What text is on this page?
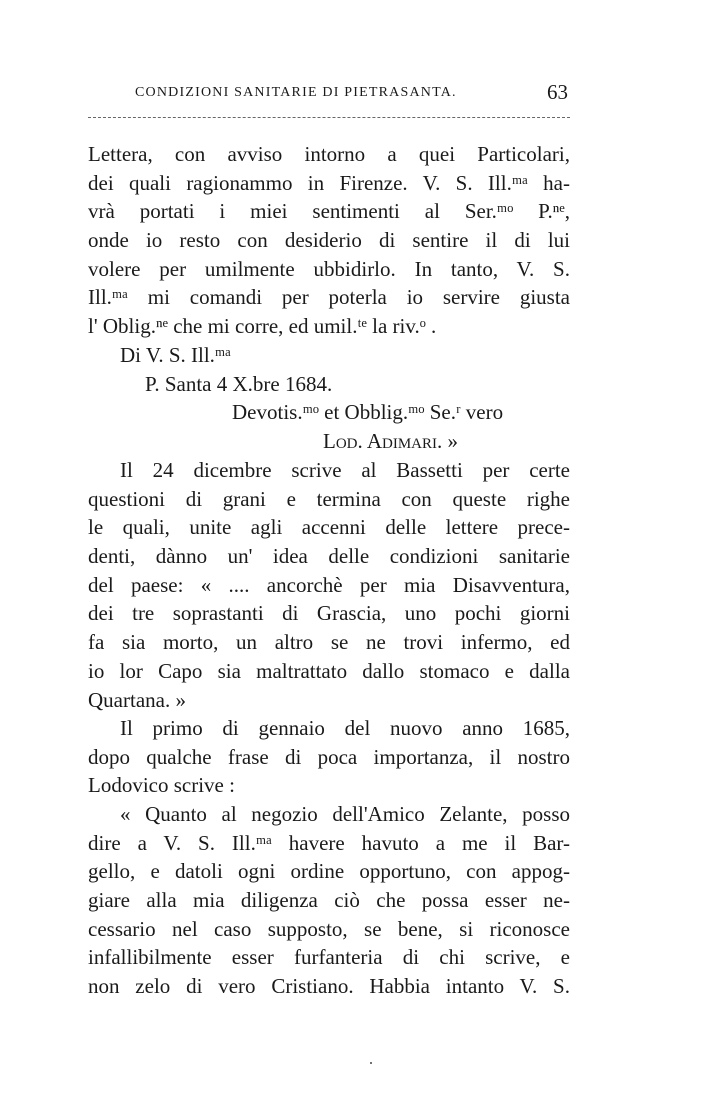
CONDIZIONI SANITARIE DI PIETRASANTA.	63
Lettera, con avviso intorno a quei Particolari,
dei quali ragionammo in Firenze. V. S. Ill.ᵐᵃ ha-
vrà portati i miei sentimenti al Ser.ᵐᵒ P.ⁿᵉ,
onde io resto con desiderio di sentire il di lui
volere per umilmente ubbidirlo. In tanto, V. S.
Ill.ᵐᵃ mi comandi per poterla io servire giusta
l' Oblig.ⁿᵉ che mi corre, ed umil.ᵗᵉ la riv.ᵒ .
Di V. S. Ill.ᵐᵃ
P. Santa 4 X.bre 1684.
Devotis.ᵐᵒ et Obblig.ᵐᵒ Se.ʳ vero
Lod. Adimari. »
Il 24 dicembre scrive al Bassetti per certe
questioni di grani e termina con queste righe
le quali, unite agli accenni delle lettere prece-
denti, dànno un' idea delle condizioni sanitarie
del paese: « .... ancorchè per mia Disavventura,
dei tre soprastanti di Grascia, uno pochi giorni
fa sia morto, un altro se ne trovi infermo, ed
io lor Capo sia maltrattato dallo stomaco e dalla
Quartana. »
Il primo di gennaio del nuovo anno 1685,
dopo qualche frase di poca importanza, il nostro
Lodovico scrive :
« Quanto al negozio dell'Amico Zelante, posso
dire a V. S. Ill.ᵐᵃ havere havuto a me il Bar-
gello, e datoli ogni ordine opportuno, con appog-
giare alla mia diligenza ciò che possa esser ne-
cessario nel caso supposto, se bene, si riconosce
infallibilmente esser furfanteria di chi scrive, e
non zelo di vero Cristiano. Habbia intanto V. S.
